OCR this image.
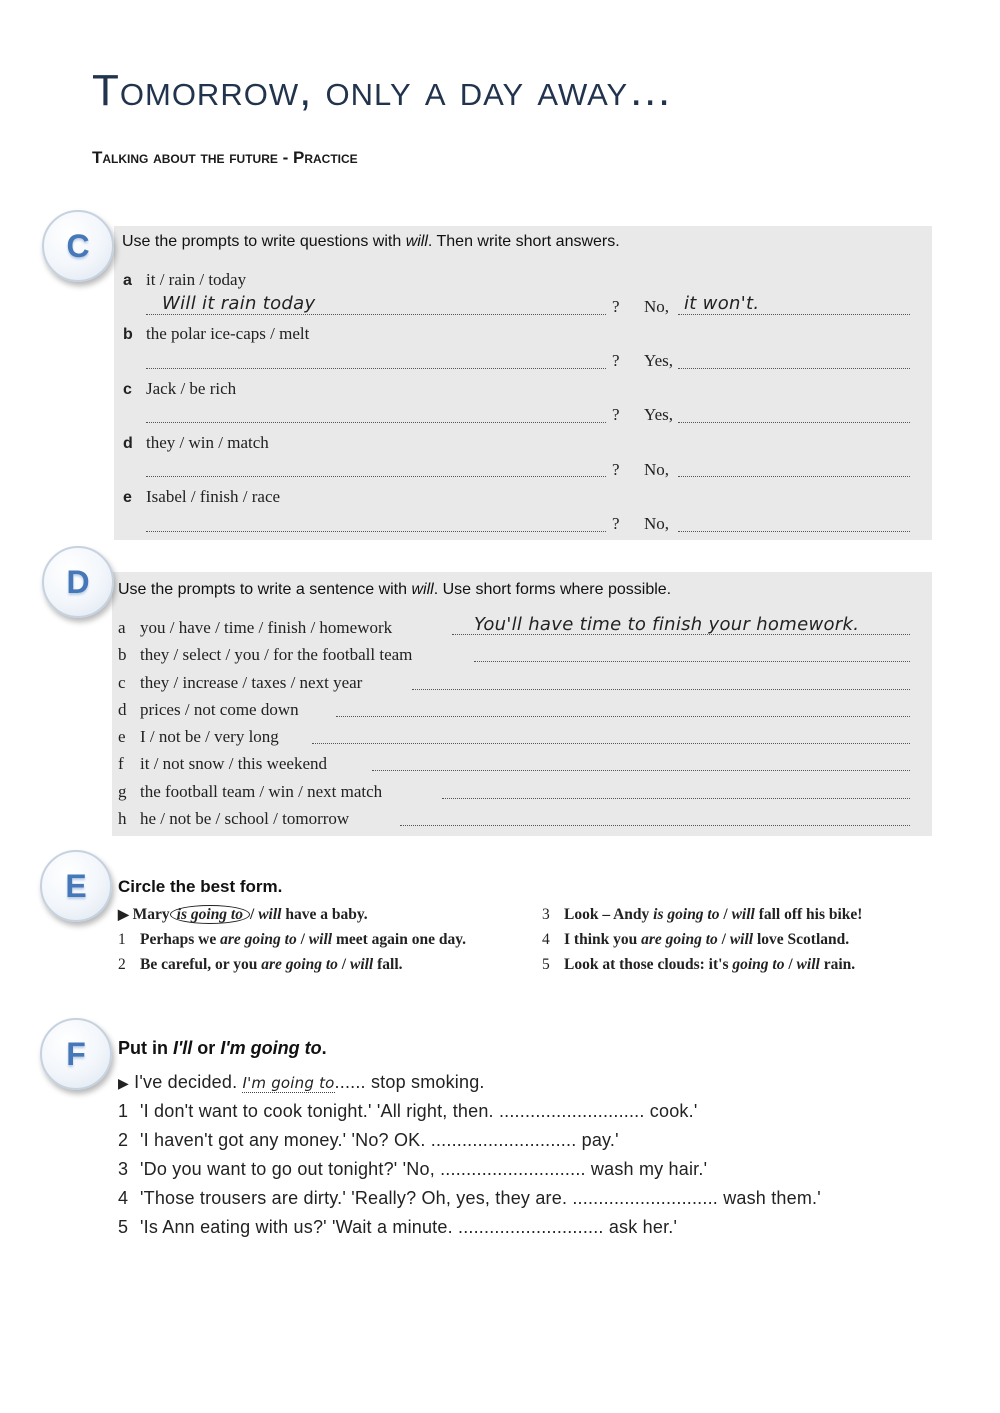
Tomorrow, only a day away…
Talking about the future - Practice
C	Use the prompts to write questions with will. Then write short answers.
a it / rain / today
Will it rain today	? No, it won't.
b the polar ice-caps / melt
? Yes,
c Jack / be rich
? Yes,
d they / win / match
? No,
e Isabel / finish / race
? No,
D	Use the prompts to write a sentence with will. Use short forms where possible.
a you / have / time / finish / homework	You'll have time to finish your homework.
b they / select / you / for the football team
c they / increase / taxes / next year
d prices / not come down
e I / not be / very long
f it / not snow / this weekend
g the football team / win / next match
h he / not be / school / tomorrow
E	Circle the best form.
▶ Mary is going to / will have a baby.
1 Perhaps we are going to / will meet again one day.
2 Be careful, or you are going to / will fall.
3 Look – Andy is going to / will fall off his bike!
4 I think you are going to / will love Scotland.
5 Look at those clouds: it's going to / will rain.
F	Put in I'll or I'm going to.
▶ I've decided. I'm going to...... stop smoking.
1 'I don't want to cook tonight.' 'All right, then. ............................ cook.'
2 'I haven't got any money.' 'No? OK. ............................ pay.'
3 'Do you want to go out tonight?' 'No, ............................ wash my hair.'
4 'Those trousers are dirty.' 'Really? Oh, yes, they are. ............................ wash them.'
5 'Is Ann eating with us?' 'Wait a minute. ............................ ask her.'
